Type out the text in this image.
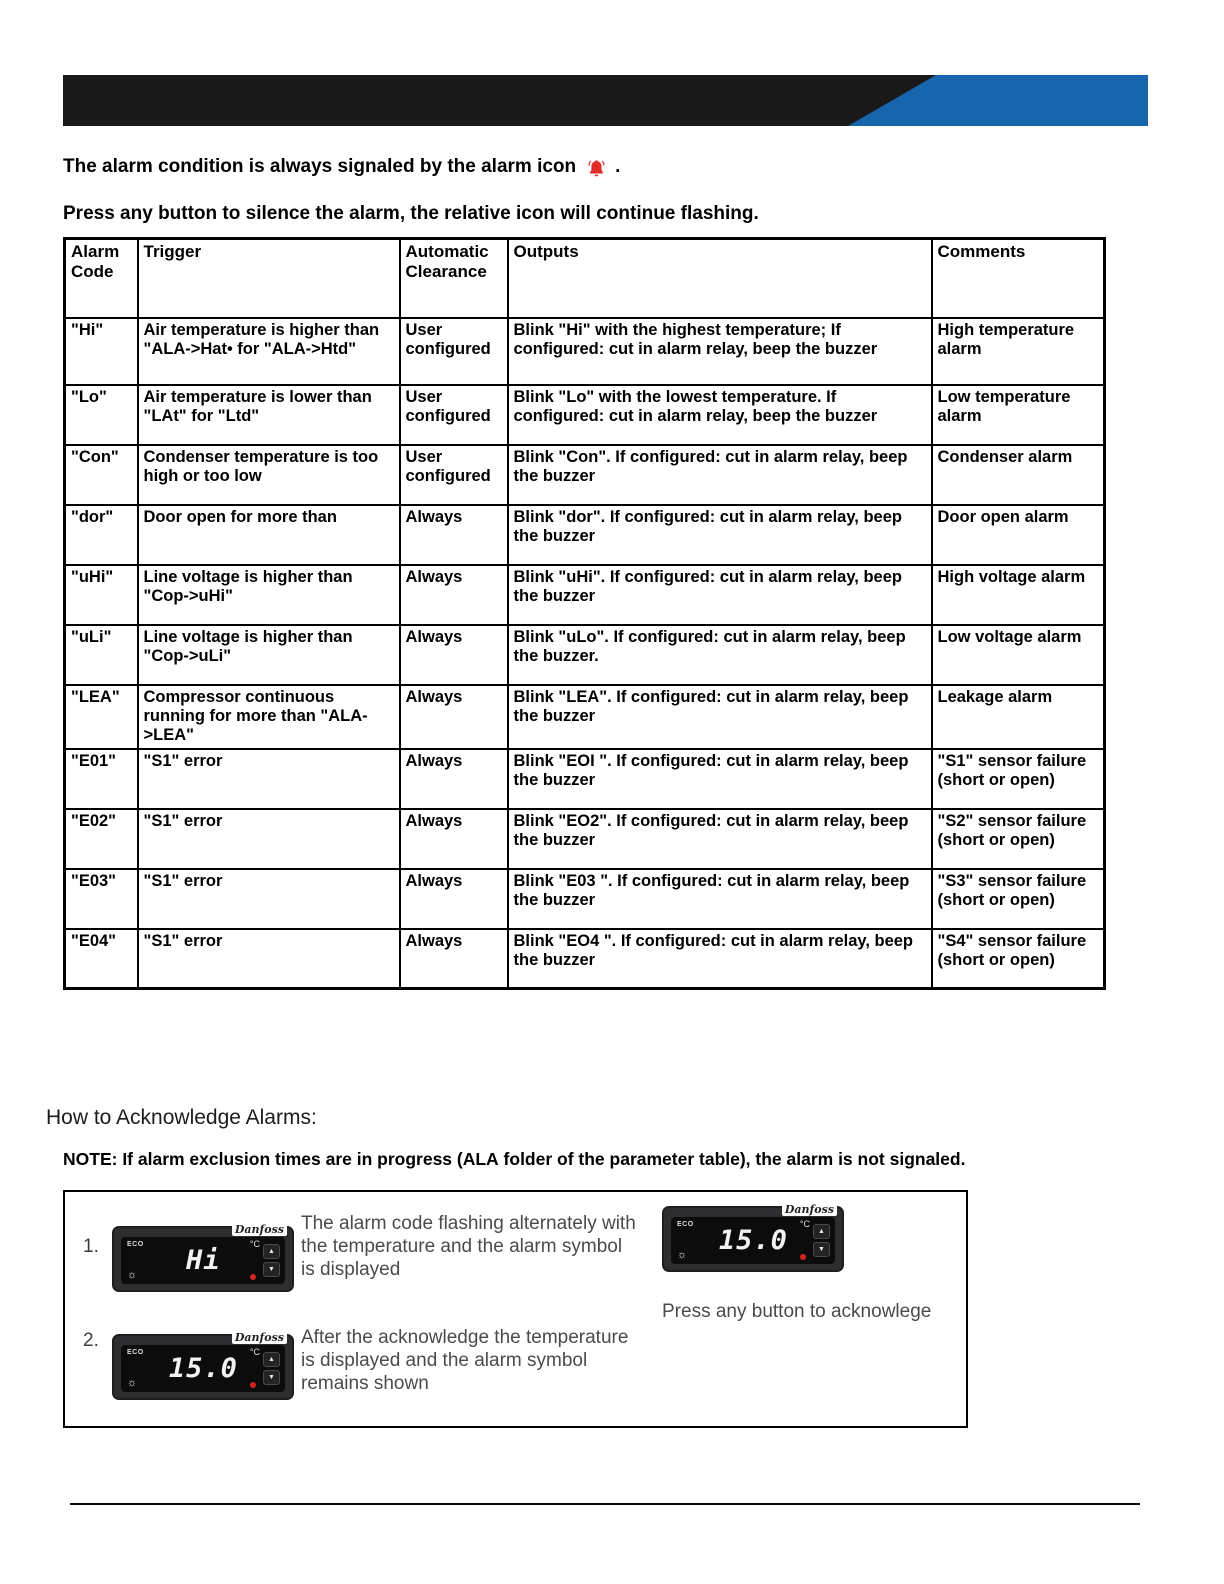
The alarm condition is always signaled by the alarm icon .
Press any button to silence the alarm, the relative icon will continue flashing.
Alarm Code	Trigger	Automatic Clearance	Outputs	Comments
"Hi"	Air temperature is higher than "ALA->Hat• for "ALA->Htd"	User configured	Blink "Hi" with the highest temperature; If configured: cut in alarm relay, beep the buzzer	High temperature alarm
"Lo"	Air temperature is lower than "LAt" for "Ltd"	User configured	Blink "Lo" with the lowest temperature. If configured: cut in alarm relay, beep the buzzer	Low temperature alarm
"Con"	Condenser temperature is too high or too low	User configured	Blink "Con". If configured: cut in alarm relay, beep the buzzer	Condenser alarm
"dor"	Door open for more than	Always	Blink "dor". If configured: cut in alarm relay, beep the buzzer	Door open alarm
"uHi"	Line voltage is higher than "Cop->uHi"	Always	Blink "uHi". If configured: cut in alarm relay, beep the buzzer	High voltage alarm
"uLi"	Line voltage is higher than "Cop->uLi"	Always	Blink "uLo". If configured: cut in alarm relay, beep the buzzer.	Low voltage alarm
"LEA"	Compressor continuous running for more than "ALA->LEA"	Always	Blink "LEA". If configured: cut in alarm relay, beep the buzzer	Leakage alarm
"E01"	"S1" error	Always	Blink "EOI ". If configured: cut in alarm relay, beep the buzzer	"S1" sensor failure (short or open)
"E02"	"S1" error	Always	Blink "EO2". If configured: cut in alarm relay, beep the buzzer	"S2" sensor failure (short or open)
"E03"	"S1" error	Always	Blink "E03 ". If configured: cut in alarm relay, beep the buzzer	"S3" sensor failure (short or open)
"E04"	"S1" error	Always	Blink "EO4 ". If configured: cut in alarm relay, beep the buzzer	"S4" sensor failure (short or open)
How to Acknowledge Alarms:
NOTE: If alarm exclusion times are in progress (ALA folder of the parameter table), the alarm is not signaled.
1.
Danfoss
ECO
☼ Hi
°C
▲
▼
The alarm code flashing alternately with the temperature and the alarm symbol is displayed
Danfoss
ECO
☼ 15.0
°C
▲
▼
Press any button to acknowlege
2.	Danfoss
ECO
☼ 15.0
°C
▲
▼
After the acknowledge the temperature is displayed and the alarm symbol remains shown
